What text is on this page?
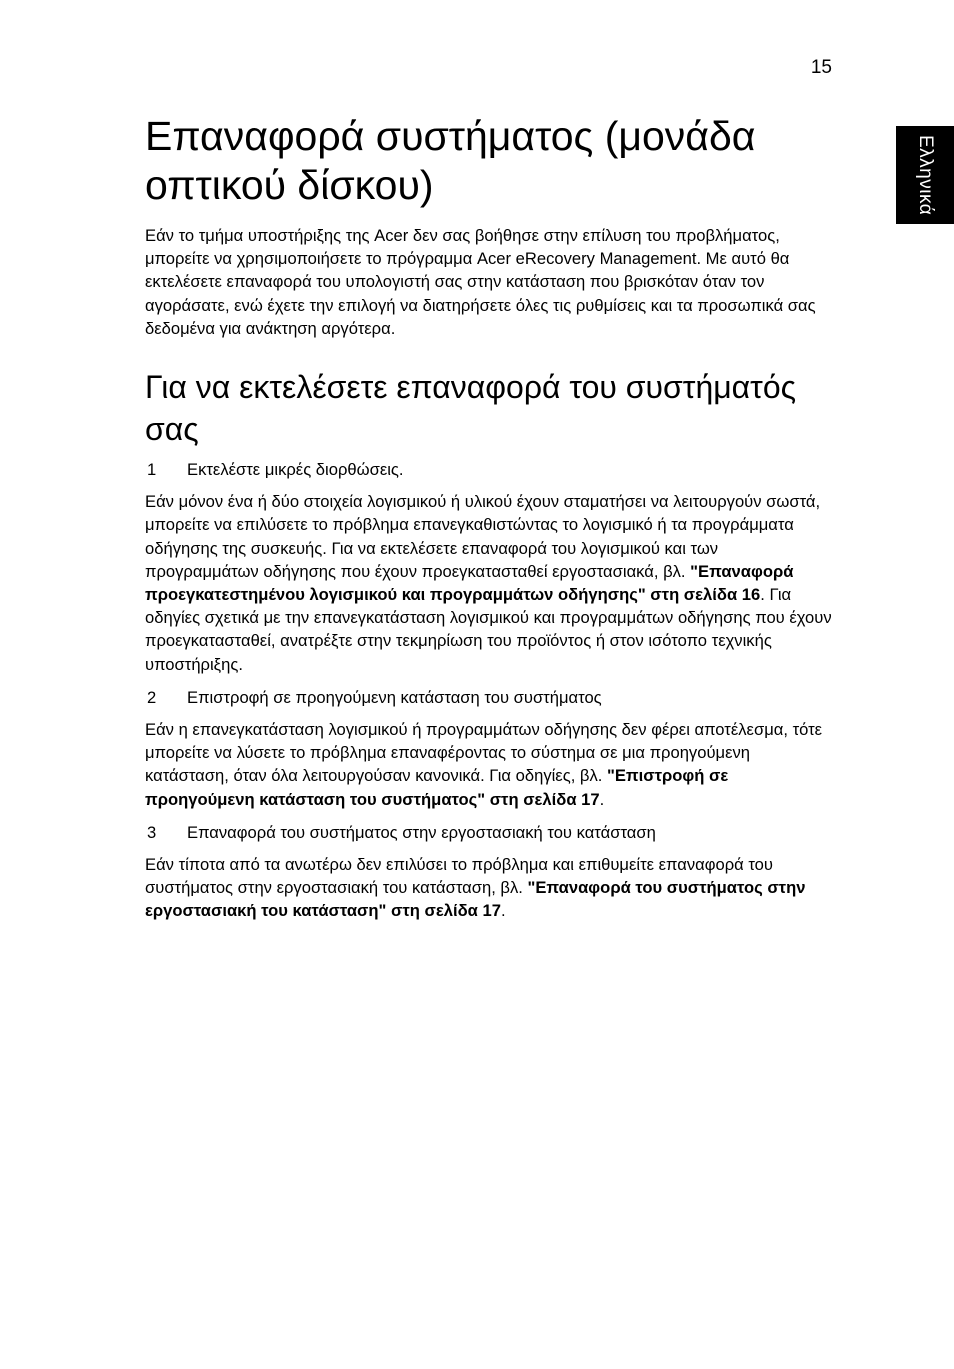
15
Ελληνικά
Επαναφορά συστήματος (μονάδα οπτικού δίσκου)

Εάν το τμήμα υποστήριξης της Acer δεν σας βοήθησε στην επίλυση του προβλήματος, μπορείτε να χρησιμοποιήσετε το πρόγραμμα Acer eRecovery Management. Με αυτό θα εκτελέσετε επαναφορά του υπολογιστή σας στην κατάσταση που βρισκόταν όταν τον αγοράσατε, ενώ έχετε την επιλογή να διατηρήσετε όλες τις ρυθμίσεις και τα προσωπικά σας δεδομένα για ανάκτηση αργότερα.

Για να εκτελέσετε επαναφορά του συστήματός σας
1 Εκτελέστε μικρές διορθώσεις.

Εάν μόνον ένα ή δύο στοιχεία λογισμικού ή υλικού έχουν σταματήσει να λειτουργούν σωστά, μπορείτε να επιλύσετε το πρόβλημα επανεγκαθιστώντας το λογισμικό ή τα προγράμματα οδήγησης της συσκευής. Για να εκτελέσετε επαναφορά του λογισμικού και των προγραμμάτων οδήγησης που έχουν προεγκατασταθεί εργοστασιακά, βλ. "Επαναφορά προεγκατεστημένου λογισμικού και προγραμμάτων οδήγησης" στη σελίδα 16. Για οδηγίες σχετικά με την επανεγκατάσταση λογισμικού και προγραμμάτων οδήγησης που έχουν προεγκατασταθεί, ανατρέξτε στην τεκμηρίωση του προϊόντος ή στον ισότοπο τεχνικής υποστήριξης.

2 Επιστροφή σε προηγούμενη κατάσταση του συστήματος

Εάν η επανεγκατάσταση λογισμικού ή προγραμμάτων οδήγησης δεν φέρει αποτέλεσμα, τότε μπορείτε να λύσετε το πρόβλημα επαναφέροντας το σύστημα σε μια προηγούμενη κατάσταση, όταν όλα λειτουργούσαν κανονικά. Για οδηγίες, βλ. "Επιστροφή σε προηγούμενη κατάσταση του συστήματος" στη σελίδα 17.

3 Επαναφορά του συστήματος στην εργοστασιακή του κατάσταση

Εάν τίποτα από τα ανωτέρω δεν επιλύσει το πρόβλημα και επιθυμείτε επαναφορά του συστήματος στην εργοστασιακή του κατάσταση, βλ. "Επαναφορά του συστήματος στην εργοστασιακή του κατάσταση" στη σελίδα 17.
